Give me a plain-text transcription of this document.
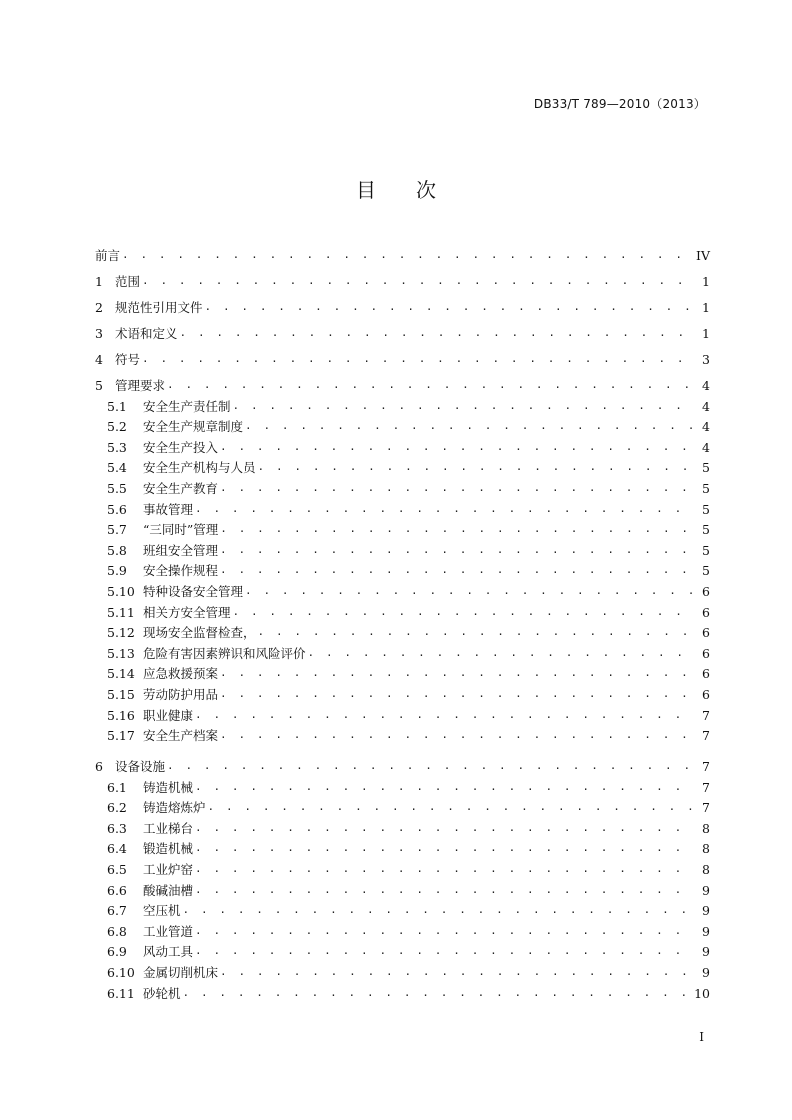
DB33/T 789—2010（2013）
目次
前言 . . .	IV
1 范围 . . .	1
2 规范性引用文件 . . .	1
3 术语和定义 . . .	1
4 符号 . . .	3
5 管理要求 . . .	4
5.1	安全生产责任制 . . .	4
5.2	安全生产规章制度 . . .	4
5.3	安全生产投入 . . .	4
5.4	安全生产机构与人员 . . .	5
5.5	安全生产教育 . . .	5
5.6	事故管理 . . .	5
5.7	“三同时”管理 . . .	5
5.8	班组安全管理 . . .	5
5.9	安全操作规程 . . .	5
5.10 特种设备安全管理 . . .	6
5.11 相关方安全管理 . . .	6
5.12 现场安全监督检查， . . .	6
5.13 危险有害因素辨识和风险评价 . . .	6
5.14 应急救援预案 . . .	6
5.15 劳动防护用品 . . .	6
5.16 职业健康 . . .	7
5.17 安全生产档案 . . .	7
6 设备设施 . . .	7
6.1	铸造机械 . . .	7
6.2	铸造熔炼炉 . . .	7
6.3	工业梯台 . . .	8
6.4	锻造机械 . . .	8
6.5	工业炉窑 . . .	8
6.6	酸碱油槽 . . .	9
6.7	空压机 . . .	9
6.8	工业管道 . . .	9
6.9	风动工具 . . .	9
6.10 金属切削机床 . . .	9
6.11 砂轮机 . . .	10
I
